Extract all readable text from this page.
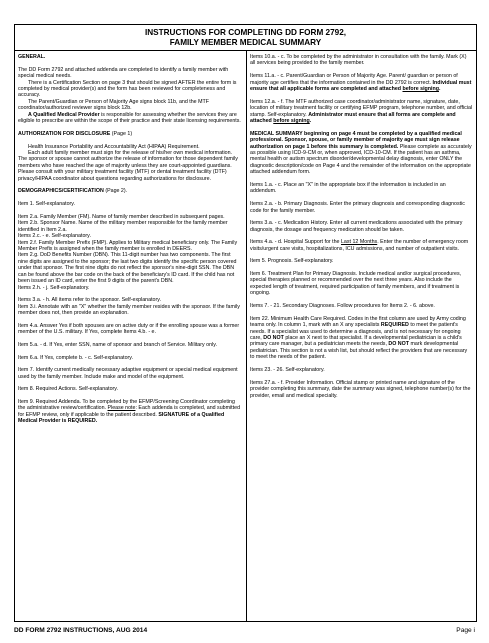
INSTRUCTIONS FOR COMPLETING DD FORM 2792,
FAMILY MEMBER MEDICAL SUMMARY

GENERAL.

The DD Form 2792 and attached addenda are completed to identify a family member with special medical needs.

There is a Certification Section on page 3 that should be signed AFTER the entire form is completed by medical provider(s) and the form has been reviewed for completeness and accuracy.

The Parent/Guardian or Person of Majority Age signs block 11b, and the MTF coordinator/authorized reviewer signs block 12b.

A Qualified Medical Provider is responsible for assessing whether the services they are eligible to prescribe are within the scope of their practice and their state licensing requirements.

AUTHORIZATION FOR DISCLOSURE (Page 1)

Health Insurance Portability and Accountability Act (HIPAA) Requirement.

Each adult family member must sign for the release of his/her own medical information. The sponsor or spouse cannot authorize the release of information for those dependent family members who have reached the age of majority unless they are court-appointed guardians. Please consult with your military treatment facility (MTF) or dental treatment facility (DTF) privacy/HIPAA coordinator about questions regarding authorizations for disclosure.

DEMOGRAPHICS/CERTIFICATION (Page 2).

Item 1. Self-explanatory.

Item 2.a. Family Member (FM). Name of family member described in subsequent pages.

Item 2.b. Sponsor Name. Name of the military member responsible for the family member identified in Item 2.a.

Items 2.c. - e. Self-explanatory.

Item 2.f. Family Member Prefix (FMP). Applies to Military medical beneficiary only. The Family Member Prefix is assigned when the family member is enrolled in DEERS.

Item 2.g. DoD Benefits Number (DBN). This 11-digit number has two components. The first nine digits are assigned to the sponsor; the last two digits identify the specific person covered under that sponsor. The first nine digits do not reflect the sponsor's nine-digit SSN. The DBN can be found above the bar code on the back of the beneficiary's ID card. If the child has not been issued an ID card, enter the first 9 digits of the parent's DBN.

Items 2.h. - j. Self-explanatory.

Items 3.a. - h. All items refer to the sponsor. Self-explanatory.

Item 3.i. Annotate with an "X" whether the family member resides with the sponsor. If the family member does not, then provide an explanation.

Item 4.a. Answer Yes if both spouses are on active duty or if the enrolling spouse was a former member of the U.S. military. If Yes, complete Items 4.b. - e.

Item 5.a. - d. If Yes, enter SSN, name of sponsor and branch of Service. Military only.

Item 6.a. If Yes, complete b. - c. Self-explanatory.

Item 7. Identify current medically necessary adaptive equipment or special medical equipment used by the family member. Include make and model of the equipment.

Item 8. Required Actions. Self-explanatory.

Item 9. Required Addenda. To be completed by the EFMP/Screening Coordinator completing the administrative review/certification. Please note: Each addenda is completed, and submitted for EFMP review, only if applicable to the patient described. SIGNATURE of a Qualified Medical Provider is REQUIRED.

Items 10.a. - c. To be completed by the administrator in consultation with the family. Mark (X) all services being provided to the family member.

Items 11.a. - c. Parent/Guardian or Person of Majority Age. Parent/ guardian or person of majority age certifies that the information contained in the DD 2792 is correct. Individual must ensure that all applicable forms are completed and attached before signing.

Items 12.a. - f. The MTF authorized case coordinator/administrator name, signature, date, location of military treatment facility or certifying EFMP program, telephone number, and official stamp. Self-explanatory. Administrator must ensure that all forms are complete and attached before signing.

MEDICAL SUMMARY beginning on page 4 must be completed by a qualified medical professional. Sponsor, spouse, or family member of majority age must sign release authorization on page 1 before this summary is completed. Please complete as accurately as possible using ICD-9-CM or, when approved, ICD-10-CM. If the patient has an asthma, mental health or autism spectrum disorder/developmental delay diagnosis, enter ONLY the diagnostic description/code on Page 4 and the remainder of the information on the appropriate attached addendum form.

Items 1.a. - c. Place an "X" in the appropriate box if the information is included in an addendum.

Items 2.a. - b. Primary Diagnosis. Enter the primary diagnosis and corresponding diagnostic code for the family member.

Items 3.a. - c. Medication History. Enter all current medications associated with the primary diagnosis, the dosage and frequency medication should be taken.

Items 4.a. - d. Hospital Support for the Last 12 Months. Enter the number of emergency room visits/urgent care visits, hospitalizations, ICU admissions, and number of outpatient visits.

Item 5. Prognosis. Self-explanatory.

Item 6. Treatment Plan for Primary Diagnosis. Include medical and/or surgical procedures, special therapies planned or recommended over the next three years. Also include the expected length of treatment, required participation of family members, and if treatment is ongoing.

Items 7. - 21. Secondary Diagnoses. Follow procedures for Items 2. - 6. above.

Item 22. Minimum Health Care Required. Codes in the first column are used by Army coding teams only. In column 1, mark with an X any specialists REQUIRED to meet the patient's needs. If a specialist was used to determine a diagnosis, and is not necessary for ongoing care, DO NOT place an X next to that specialist. If a developmental pediatrician is a child's primary care manager, but a pediatrician meets the needs, DO NOT mark developmental pediatrician. This section is not a wish list, but should reflect the providers that are necessary to meet the needs of the patient.

Items 23. - 26. Self-explanatory.

Items 27.a. - f. Provider Information. Official stamp or printed name and signature of the provider completing this summary, date the summary was signed, telephone number(s) for the provider, email and medical specialty.

DD FORM 2792 INSTRUCTIONS, AUG 2014	Page i
